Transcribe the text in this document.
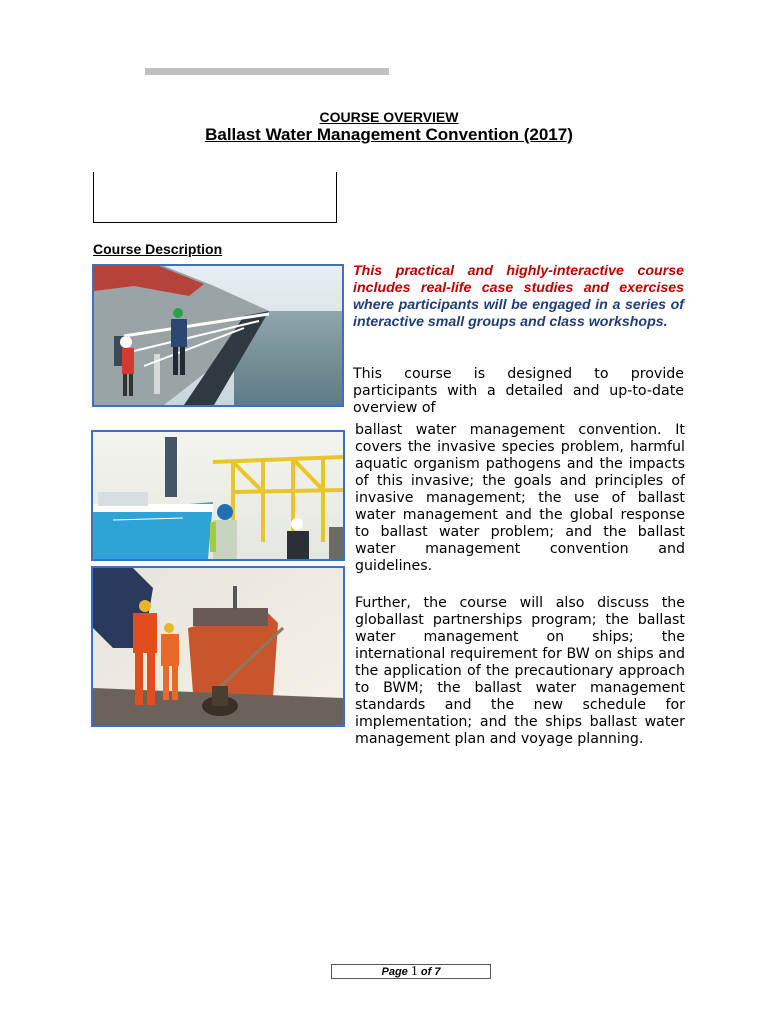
COURSE OVERVIEW
Ballast Water Management Convention (2017)
Course Description
This practical and highly-interactive course includes real-life case studies and exercises where participants will be engaged in a series of interactive small groups and class workshops.
This course is designed to provide participants with a detailed and up-to-date overview of
ballast water management convention. It covers the invasive species problem, harmful aquatic organism pathogens and the impacts of this invasive; the goals and principles of invasive management; the use of ballast water management and the global response to ballast water problem; and the ballast water management convention and guidelines.
Further, the course will also discuss the globallast partnerships program; the ballast water management on ships; the international requirement for BW on ships and the application of the precautionary approach to BWM; the ballast water management standards and the new schedule for implementation; and the ships ballast water management plan and voyage planning.
Page 1 of 7
